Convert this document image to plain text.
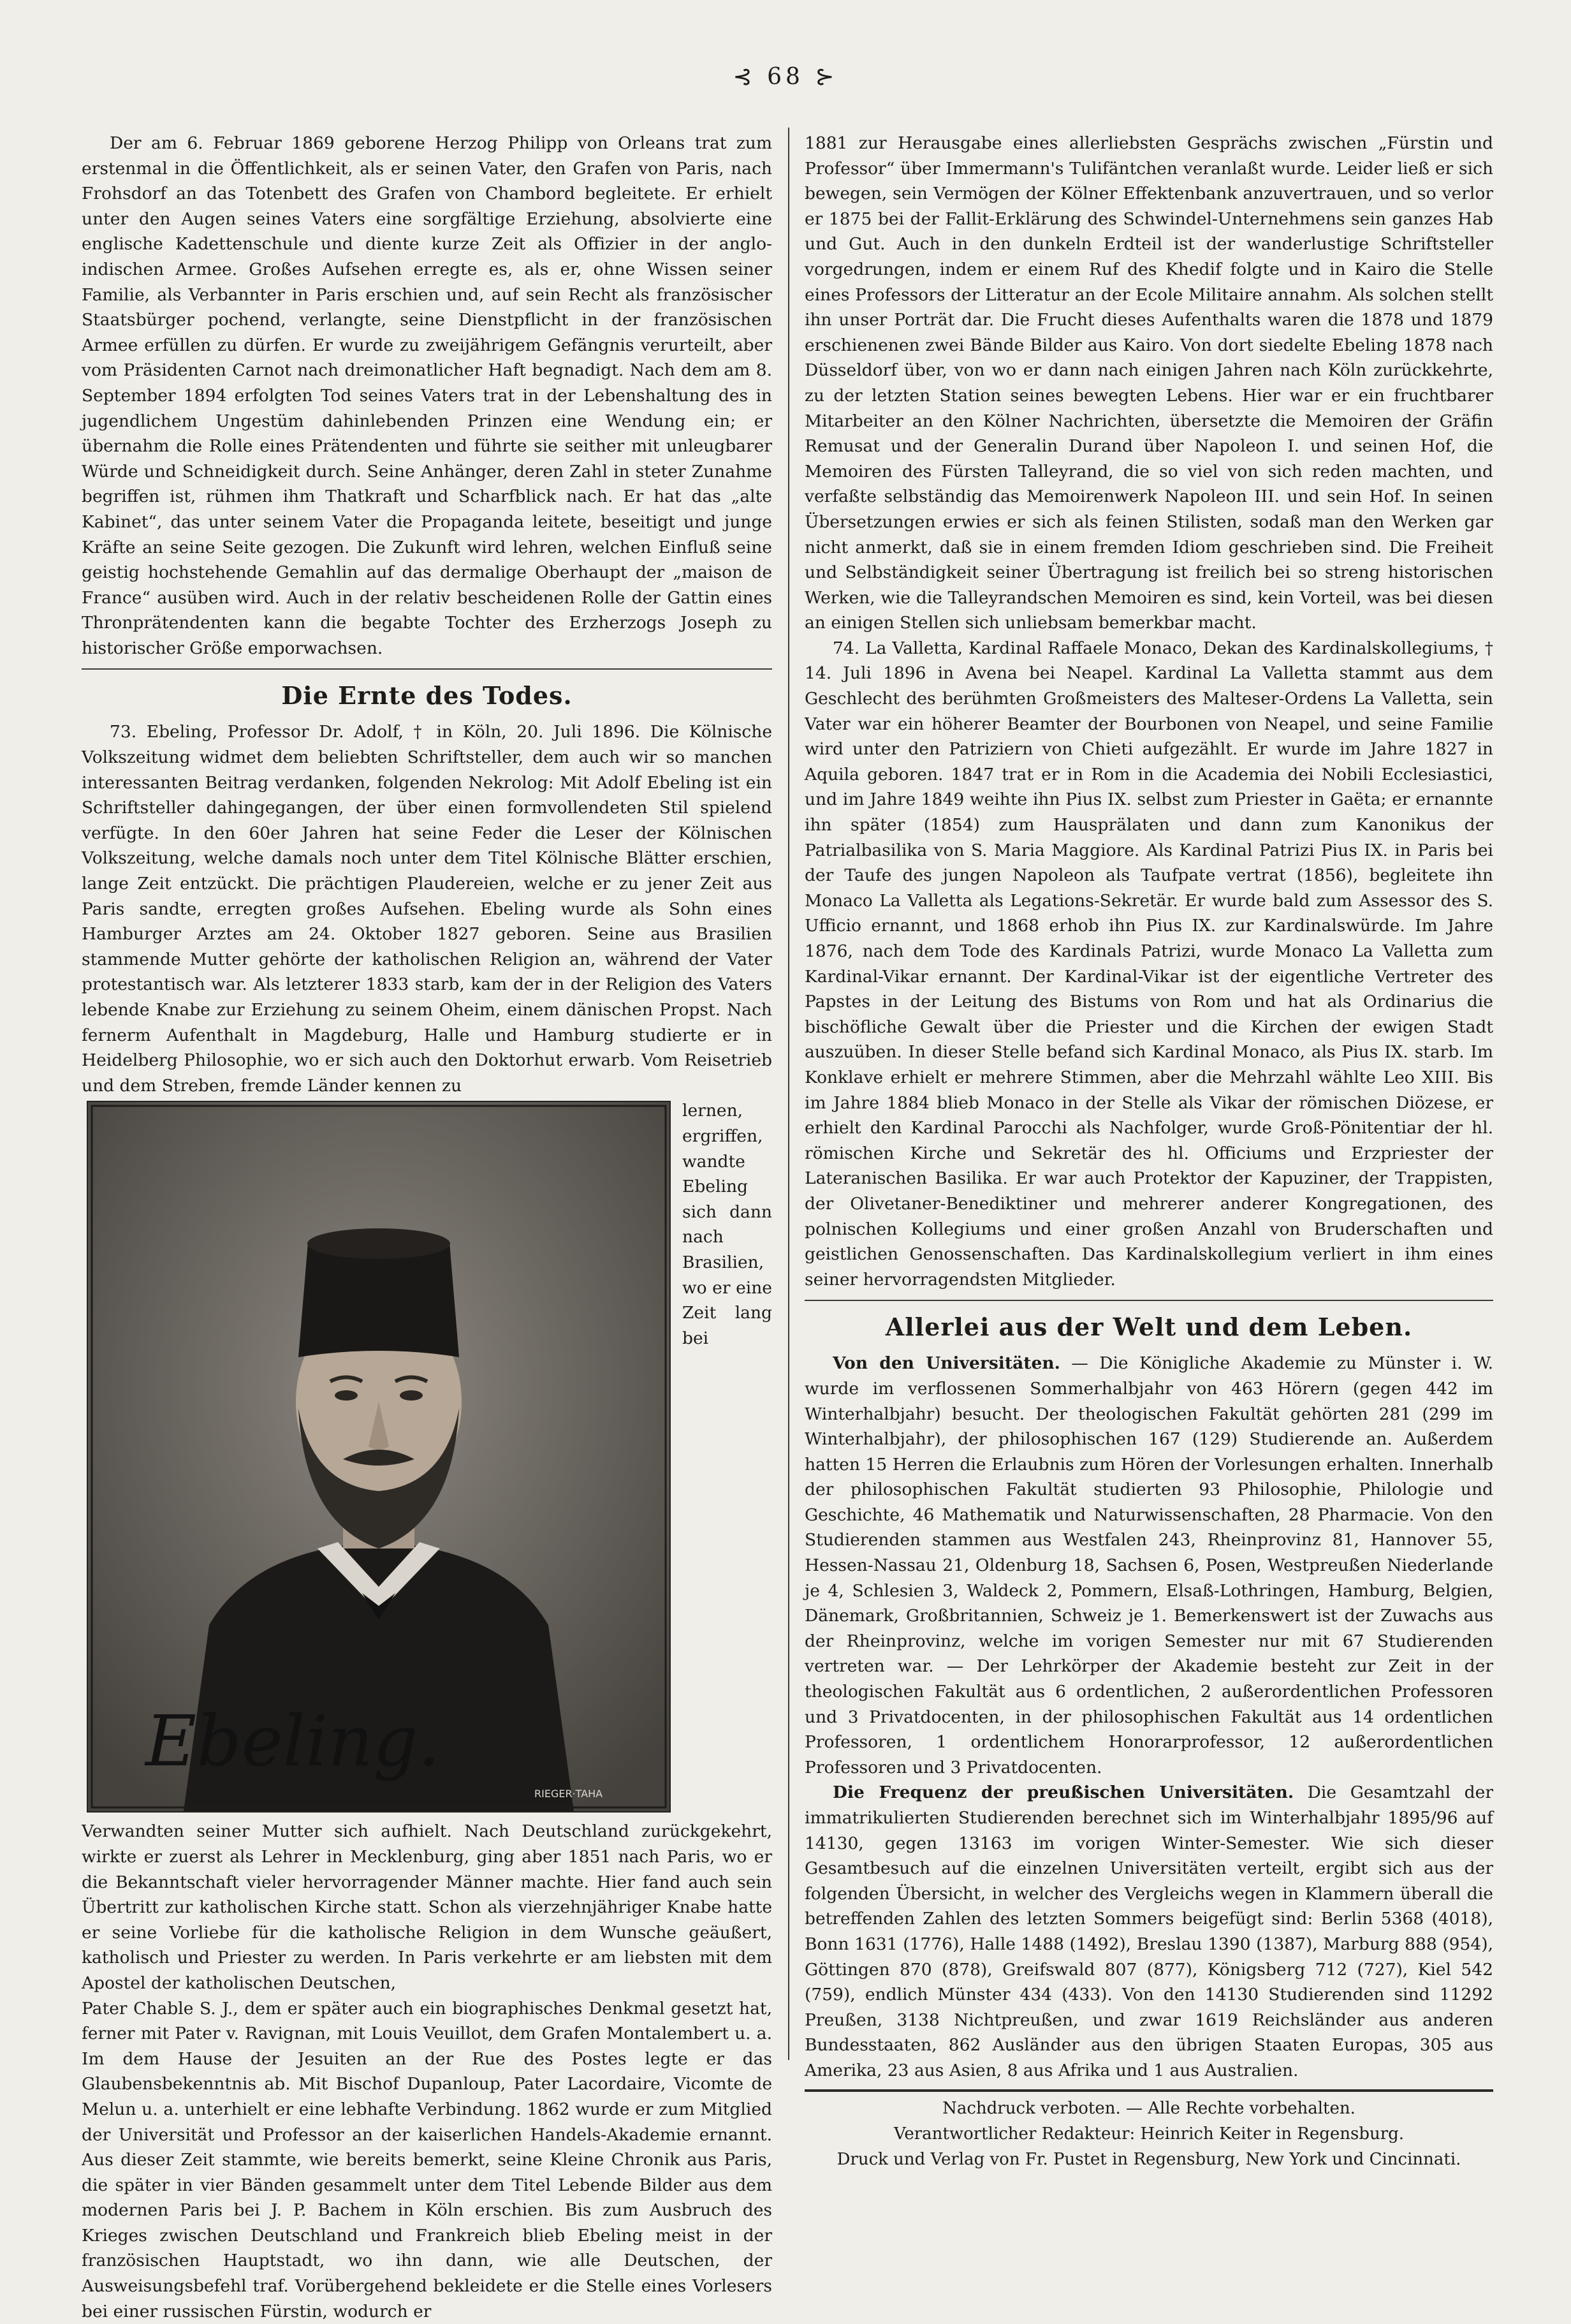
⊰ 68 ⊱

Der am 6. Februar 1869 geborene Herzog Philipp von Orleans trat zum erstenmal in die Öffentlichkeit, als er seinen Vater, den Grafen von Paris, nach Frohsdorf an das Totenbett des Grafen von Chambord begleitete. Er erhielt unter den Augen seines Vaters eine sorgfältige Erziehung, absolvierte eine englische Kadettenschule und diente kurze Zeit als Offizier in der anglo-indischen Armee. Großes Aufsehen erregte es, als er, ohne Wissen seiner Familie, als Verbannter in Paris erschien und, auf sein Recht als französischer Staatsbürger pochend, verlangte, seine Dienstpflicht in der französischen Armee erfüllen zu dürfen. Er wurde zu zweijährigem Gefängnis verurteilt, aber vom Präsidenten Carnot nach dreimonatlicher Haft begnadigt. Nach dem am 8. September 1894 erfolgten Tod seines Vaters trat in der Lebenshaltung des in jugendlichem Ungestüm dahinlebenden Prinzen eine Wendung ein; er übernahm die Rolle eines Prätendenten und führte sie seither mit unleugbarer Würde und Schneidigkeit durch. Seine Anhänger, deren Zahl in steter Zunahme begriffen ist, rühmen ihm Thatkraft und Scharfblick nach. Er hat das „alte Kabinet“, das unter seinem Vater die Propaganda leitete, beseitigt und junge Kräfte an seine Seite gezogen. Die Zukunft wird lehren, welchen Einfluß seine geistig hochstehende Gemahlin auf das dermalige Oberhaupt der „maison de France“ ausüben wird. Auch in der relativ bescheidenen Rolle der Gattin eines Thronprätendenten kann die begabte Tochter des Erzherzogs Joseph zu historischer Größe emporwachsen.

Die Ernte des Todes.

73. Ebeling, Professor Dr. Adolf, † in Köln, 20. Juli 1896. Die Kölnische Volkszeitung widmet dem beliebten Schriftsteller, dem auch wir so manchen interessanten Beitrag verdanken, folgenden Nekrolog: Mit Adolf Ebeling ist ein Schriftsteller dahingegangen, der über einen formvollendeten Stil spielend verfügte. In den 60er Jahren hat seine Feder die Leser der Kölnischen Volkszeitung, welche damals noch unter dem Titel Kölnische Blätter erschien, lange Zeit entzückt. Die prächtigen Plaudereien, welche er zu jener Zeit aus Paris sandte, erregten großes Aufsehen. Ebeling wurde als Sohn eines Hamburger Arztes am 24. Oktober 1827 geboren. Seine aus Brasilien stammende Mutter gehörte der katholischen Religion an, während der Vater protestantisch war. Als letzterer 1833 starb, kam der in der Religion des Vaters lebende Knabe zur Erziehung zu seinem Oheim, einem dänischen Propst. Nach fernerm Aufenthalt in Magdeburg, Halle und Hamburg studierte er in Heidelberg Philosophie, wo er sich auch den Doktorhut erwarb. Vom Reisetrieb und dem Streben, fremde Länder kennen zu

Ebeling.
RIEGER·TAHA
lernen, ergriffen, wandte Ebeling sich dann nach Brasilien, wo er eine Zeit lang bei Verwandten seiner Mutter sich aufhielt. Nach Deutschland zurückgekehrt, wirkte er zuerst als Lehrer in Mecklenburg, ging aber 1851 nach Paris, wo er die Bekanntschaft vieler hervorragender Männer machte. Hier fand auch sein Übertritt zur katholischen Kirche statt. Schon als vierzehnjähriger Knabe hatte er seine Vorliebe für die katholische Religion in dem Wunsche geäußert, katholisch und Priester zu werden. In Paris verkehrte er am liebsten mit dem Apostel der katholischen Deutschen,

Pater Chable S. J., dem er später auch ein biographisches Denkmal gesetzt hat, ferner mit Pater v. Ravignan, mit Louis Veuillot, dem Grafen Montalembert u. a. Im dem Hause der Jesuiten an der Rue des Postes legte er das Glaubensbekenntnis ab. Mit Bischof Dupanloup, Pater Lacordaire, Vicomte de Melun u. a. unterhielt er eine lebhafte Verbindung. 1862 wurde er zum Mitglied der Universität und Professor an der kaiserlichen Handels-Akademie ernannt. Aus dieser Zeit stammte, wie bereits bemerkt, seine Kleine Chronik aus Paris, die später in vier Bänden gesammelt unter dem Titel Lebende Bilder aus dem modernen Paris bei J. P. Bachem in Köln erschien. Bis zum Ausbruch des Krieges zwischen Deutschland und Frankreich blieb Ebeling meist in der französischen Hauptstadt, wo ihn dann, wie alle Deutschen, der Ausweisungsbefehl traf. Vorübergehend bekleidete er die Stelle eines Vorlesers bei einer russischen Fürstin, wodurch er

1881 zur Herausgabe eines allerliebsten Gesprächs zwischen „Fürstin und Professor“ über Immermann's Tulifäntchen veranlaßt wurde. Leider ließ er sich bewegen, sein Vermögen der Kölner Effektenbank anzuvertrauen, und so verlor er 1875 bei der Fallit-Erklärung des Schwindel-Unternehmens sein ganzes Hab und Gut. Auch in den dunkeln Erdteil ist der wanderlustige Schriftsteller vorgedrungen, indem er einem Ruf des Khedif folgte und in Kairo die Stelle eines Professors der Litteratur an der Ecole Militaire annahm. Als solchen stellt ihn unser Porträt dar. Die Frucht dieses Aufenthalts waren die 1878 und 1879 erschienenen zwei Bände Bilder aus Kairo. Von dort siedelte Ebeling 1878 nach Düsseldorf über, von wo er dann nach einigen Jahren nach Köln zurückkehrte, zu der letzten Station seines bewegten Lebens. Hier war er ein fruchtbarer Mitarbeiter an den Kölner Nachrichten, übersetzte die Memoiren der Gräfin Remusat und der Generalin Durand über Napoleon I. und seinen Hof, die Memoiren des Fürsten Talleyrand, die so viel von sich reden machten, und verfaßte selbständig das Memoirenwerk Napoleon III. und sein Hof. In seinen Übersetzungen erwies er sich als feinen Stilisten, sodaß man den Werken gar nicht anmerkt, daß sie in einem fremden Idiom geschrieben sind. Die Freiheit und Selbständigkeit seiner Übertragung ist freilich bei so streng historischen Werken, wie die Talleyrandschen Memoiren es sind, kein Vorteil, was bei diesen an einigen Stellen sich unliebsam bemerkbar macht.

74. La Valletta, Kardinal Raffaele Monaco, Dekan des Kardinalskollegiums, † 14. Juli 1896 in Avena bei Neapel. Kardinal La Valletta stammt aus dem Geschlecht des berühmten Großmeisters des Malteser-Ordens La Valletta, sein Vater war ein höherer Beamter der Bourbonen von Neapel, und seine Familie wird unter den Patriziern von Chieti aufgezählt. Er wurde im Jahre 1827 in Aquila geboren. 1847 trat er in Rom in die Academia dei Nobili Ecclesiastici, und im Jahre 1849 weihte ihn Pius IX. selbst zum Priester in Gaëta; er ernannte ihn später (1854) zum Hausprälaten und dann zum Kanonikus der Patrialbasilika von S. Maria Maggiore. Als Kardinal Patrizi Pius IX. in Paris bei der Taufe des jungen Napoleon als Taufpate vertrat (1856), begleitete ihn Monaco La Valletta als Legations-Sekretär. Er wurde bald zum Assessor des S. Ufficio ernannt, und 1868 erhob ihn Pius IX. zur Kardinalswürde. Im Jahre 1876, nach dem Tode des Kardinals Patrizi, wurde Monaco La Valletta zum Kardinal-Vikar ernannt. Der Kardinal-Vikar ist der eigentliche Vertreter des Papstes in der Leitung des Bistums von Rom und hat als Ordinarius die bischöfliche Gewalt über die Priester und die Kirchen der ewigen Stadt auszuüben. In dieser Stelle befand sich Kardinal Monaco, als Pius IX. starb. Im Konklave erhielt er mehrere Stimmen, aber die Mehrzahl wählte Leo XIII. Bis im Jahre 1884 blieb Monaco in der Stelle als Vikar der römischen Diözese, er erhielt den Kardinal Parocchi als Nachfolger, wurde Groß-Pönitentiar der hl. römischen Kirche und Sekretär des hl. Officiums und Erzpriester der Lateranischen Basilika. Er war auch Protektor der Kapuziner, der Trappisten, der Olivetaner-Benediktiner und mehrerer anderer Kongregationen, des polnischen Kollegiums und einer großen Anzahl von Bruderschaften und geistlichen Genossenschaften. Das Kardinalskollegium verliert in ihm eines seiner hervorragendsten Mitglieder.

Allerlei aus der Welt und dem Leben.

Von den Universitäten. — Die Königliche Akademie zu Münster i. W. wurde im verflossenen Sommerhalbjahr von 463 Hörern (gegen 442 im Winterhalbjahr) besucht. Der theologischen Fakultät gehörten 281 (299 im Winterhalbjahr), der philosophischen 167 (129) Studierende an. Außerdem hatten 15 Herren die Erlaubnis zum Hören der Vorlesungen erhalten. Innerhalb der philosophischen Fakultät studierten 93 Philosophie, Philologie und Geschichte, 46 Mathematik und Naturwissenschaften, 28 Pharmacie. Von den Studierenden stammen aus Westfalen 243, Rheinprovinz 81, Hannover 55, Hessen-Nassau 21, Oldenburg 18, Sachsen 6, Posen, Westpreußen Niederlande je 4, Schlesien 3, Waldeck 2, Pommern, Elsaß-Lothringen, Hamburg, Belgien, Dänemark, Großbritannien, Schweiz je 1. Bemerkenswert ist der Zuwachs aus der Rheinprovinz, welche im vorigen Semester nur mit 67 Studierenden vertreten war. — Der Lehrkörper der Akademie besteht zur Zeit in der theologischen Fakultät aus 6 ordentlichen, 2 außerordentlichen Professoren und 3 Privatdocenten, in der philosophischen Fakultät aus 14 ordentlichen Professoren, 1 ordentlichem Honorarprofessor, 12 außerordentlichen Professoren und 3 Privatdocenten.

Die Frequenz der preußischen Universitäten. Die Gesamtzahl der immatrikulierten Studierenden berechnet sich im Winterhalbjahr 1895/96 auf 14130, gegen 13163 im vorigen Winter-Semester. Wie sich dieser Gesamtbesuch auf die einzelnen Universitäten verteilt, ergibt sich aus der folgenden Übersicht, in welcher des Vergleichs wegen in Klammern überall die betreffenden Zahlen des letzten Sommers beigefügt sind: Berlin 5368 (4018), Bonn 1631 (1776), Halle 1488 (1492), Breslau 1390 (1387), Marburg 888 (954), Göttingen 870 (878), Greifswald 807 (877), Königsberg 712 (727), Kiel 542 (759), endlich Münster 434 (433). Von den 14130 Studierenden sind 11292 Preußen, 3138 Nichtpreußen, und zwar 1619 Reichsländer aus anderen Bundesstaaten, 862 Ausländer aus den übrigen Staaten Europas, 305 aus Amerika, 23 aus Asien, 8 aus Afrika und 1 aus Australien.

Nachdruck verboten. — Alle Rechte vorbehalten.
Verantwortlicher Redakteur: Heinrich Keiter in Regensburg.
Druck und Verlag von Fr. Pustet in Regensburg, New York und Cincinnati.
